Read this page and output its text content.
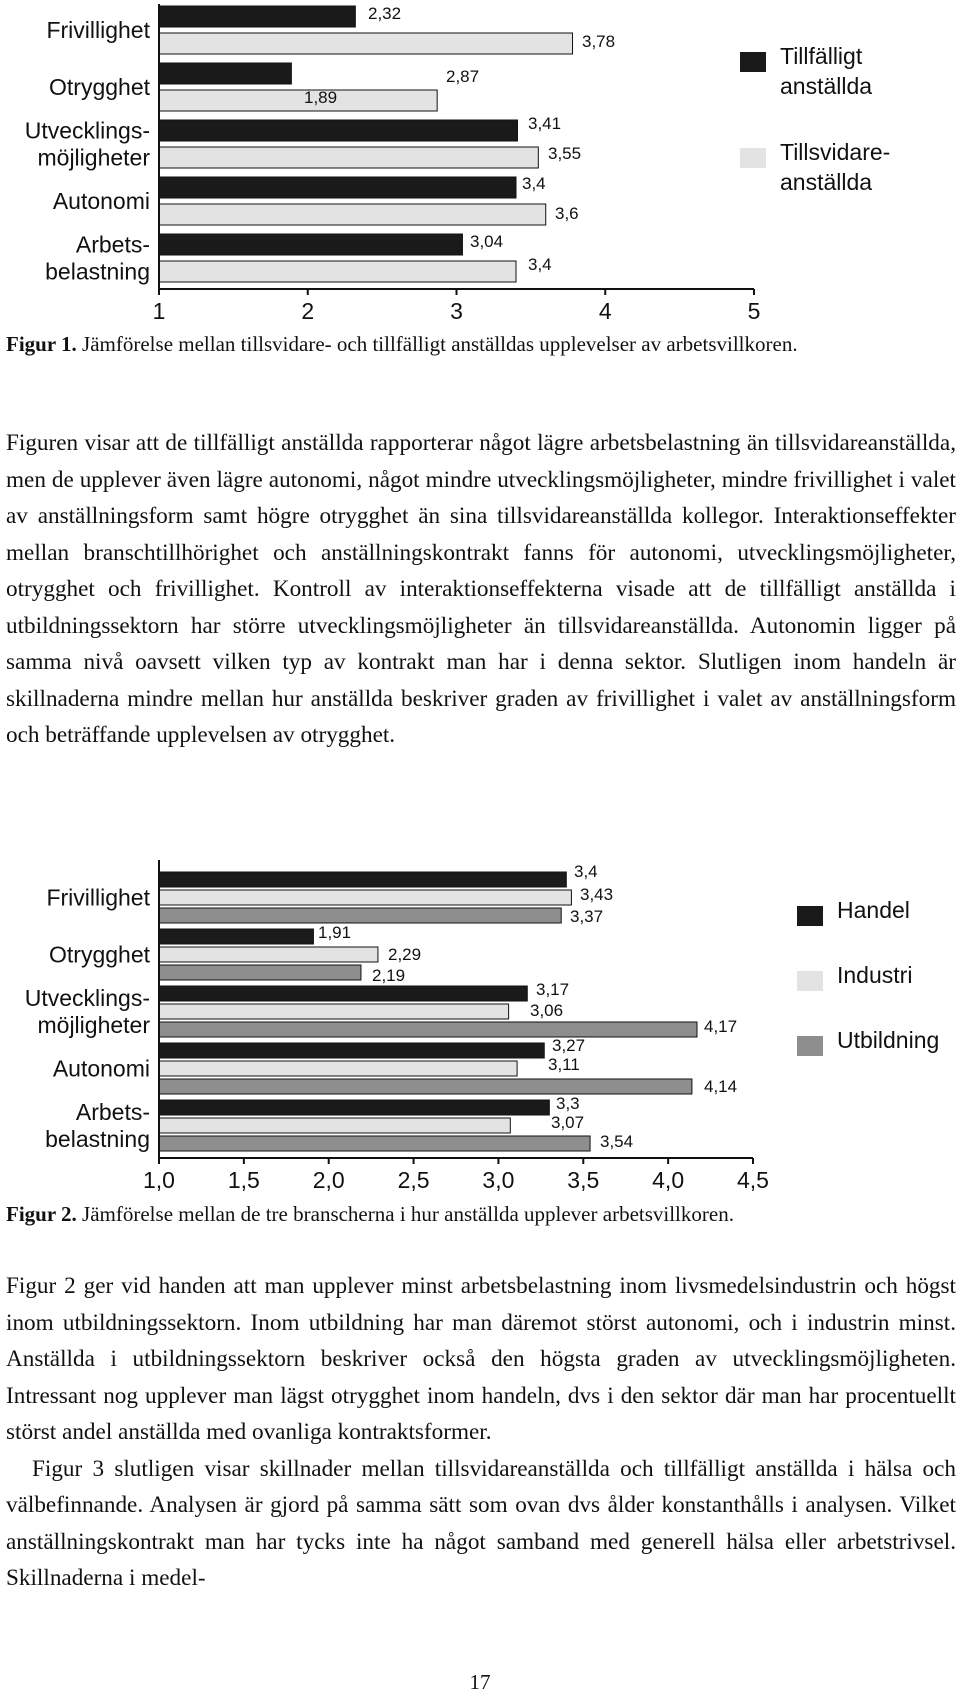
Frivillighet
2,32
3,78
Otrygghet	2,87
1,89
Utvecklings-
möjligheter
3,41
3,55
Autonomi
3,4
3,6
Arbets-
belastning
3,04
3,4
1	2	3	4	5
Tillfälligt
anställda
Tillsvidare-
anställda
Figur 1. Jämförelse mellan tillsvidare- och tillfälligt anställdas upplevelser av arbetsvillkoren.

Figuren visar att de tillfälligt anställda rapporterar något lägre arbetsbelastning än tillsvidareanställda, men de upplever även lägre autonomi, något mindre utvecklingsmöjligheter, mindre frivillighet i valet av anställningsform samt högre otrygghet än sina tillsvidareanställda kollegor. Interaktionseffekter mellan branschtillhörighet och anställningskontrakt fanns för autonomi, utvecklingsmöjligheter, otrygghet och frivillighet. Kontroll av interaktionseffekterna visade att de tillfälligt anställda i utbildningssektorn har större utvecklingsmöjligheter än tillsvidareanställda. Autonomin ligger på samma nivå oavsett vilken typ av kontrakt man har i denna sektor. Slutligen inom handeln är skillnaderna mindre mellan hur anställda beskriver graden av frivillighet i valet av anställningsform och beträffande upplevelsen av otrygghet.

Frivillighet
3,4
3,43
3,37
Otrygghet
1,91
2,29
2,19
Utvecklings-
möjligheter
3,17
3,06
4,17
Autonomi
3,27
3,11
4,14
Arbets-
belastning
3,3
3,07
3,54
1,0 1,5 2,0 2,5 3,0 3,5 4,0 4,5
Handel
Industri
Utbildning
Figur 2. Jämförelse mellan de tre branscherna i hur anställda upplever arbetsvillkoren.

Figur 2 ger vid handen att man upplever minst arbetsbelastning inom livsmedelsindustrin och högst inom utbildningssektorn. Inom utbildning har man däremot störst autonomi, och i industrin minst. Anställda i utbildningssektorn beskriver också den högsta graden av utvecklingsmöjligheten. Intressant nog upplever man lägst otrygghet inom handeln, dvs i den sektor där man har procentuellt störst andel anställda med ovanliga kontraktsformer.

Figur 3 slutligen visar skillnader mellan tillsvidareanställda och tillfälligt anställda i hälsa och välbefinnande. Analysen är gjord på samma sätt som ovan dvs ålder konstanthålls i analysen. Vilket anställningskontrakt man har tycks inte ha något samband med generell hälsa eller arbetstrivsel. Skillnaderna i medel-

17
